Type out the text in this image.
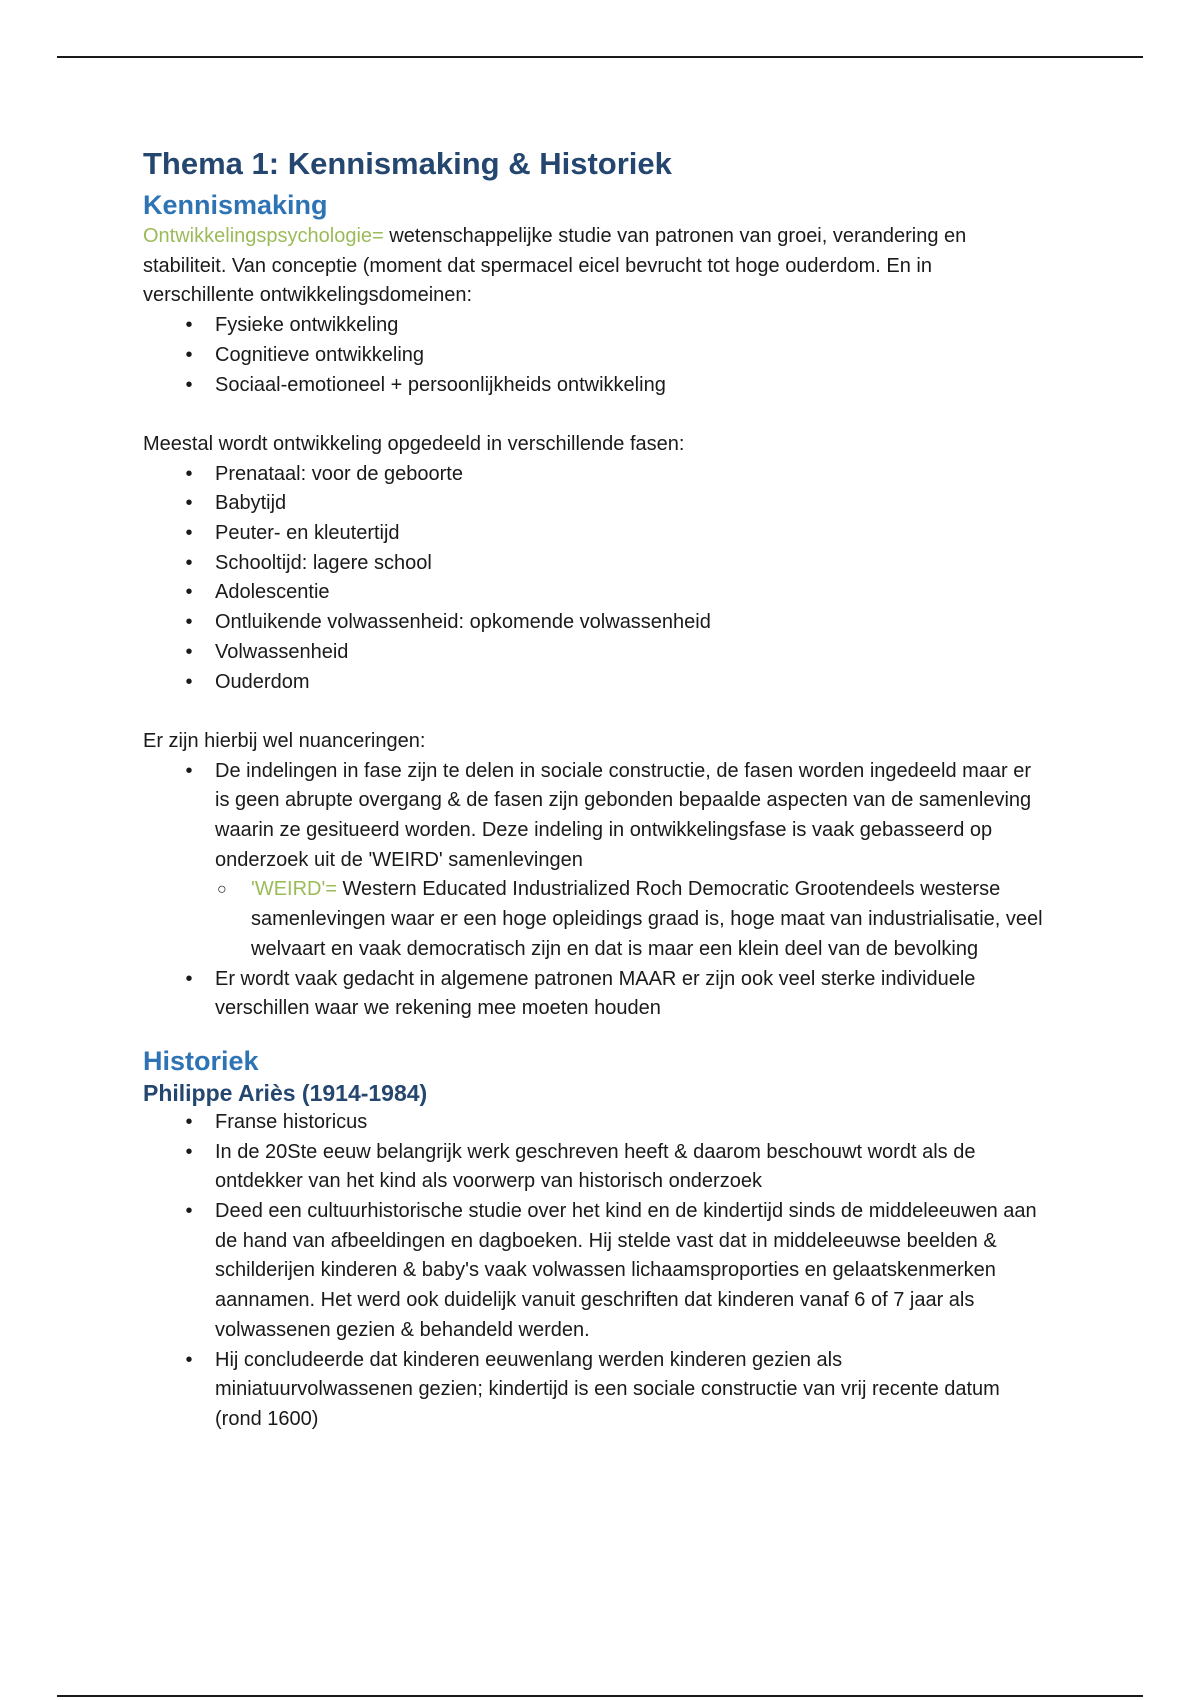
Thema 1: Kennismaking & Historiek
Kennismaking

Ontwikkelingspsychologie= wetenschappelijke studie van patronen van groei, verandering en stabiliteit. Van conceptie (moment dat spermacel eicel bevrucht tot hoge ouderdom. En in verschillente ontwikkelingsdomeinen:

• Fysieke ontwikkeling
• Cognitieve ontwikkeling
• Sociaal-emotioneel + persoonlijkheids ontwikkeling

Meestal wordt ontwikkeling opgedeeld in verschillende fasen:

• Prenataal: voor de geboorte
• Babytijd
• Peuter- en kleutertijd
• Schooltijd: lagere school
• Adolescentie
• Ontluikende volwassenheid: opkomende volwassenheid
• Volwassenheid
• Ouderdom

Er zijn hierbij wel nuanceringen:

• De indelingen in fase zijn te delen in sociale constructie, de fasen worden ingedeeld maar er is geen abrupte overgang & de fasen zijn gebonden bepaalde aspecten van de samenleving waarin ze gesitueerd worden. Deze indeling in ontwikkelingsfase is vaak gebasseerd op onderzoek uit de 'WEIRD' samenlevingen
○ 'WEIRD'= Western Educated Industrialized Roch Democratic Grootendeels westerse samenlevingen waar er een hoge opleidings graad is, hoge maat van industrialisatie, veel welvaart en vaak democratisch zijn en dat is maar een klein deel van de bevolking
• Er wordt vaak gedacht in algemene patronen MAAR er zijn ook veel sterke individuele verschillen waar we rekening mee moeten houden
Historiek
Philippe Ariès (1914-1984)
• Franse historicus
• In de 20Ste eeuw belangrijk werk geschreven heeft & daarom beschouwt wordt als de ontdekker van het kind als voorwerp van historisch onderzoek
• Deed een cultuurhistorische studie over het kind en de kindertijd sinds de middeleeuwen aan de hand van afbeeldingen en dagboeken. Hij stelde vast dat in middeleeuwse beelden & schilderijen kinderen & baby's vaak volwassen lichaamsproporties en gelaatskenmerken aannamen. Het werd ook duidelijk vanuit geschriften dat kinderen vanaf 6 of 7 jaar als volwassenen gezien & behandeld werden.
• Hij concludeerde dat kinderen eeuwenlang werden kinderen gezien als miniatuurvolwassenen gezien; kindertijd is een sociale constructie van vrij recente datum (rond 1600)
